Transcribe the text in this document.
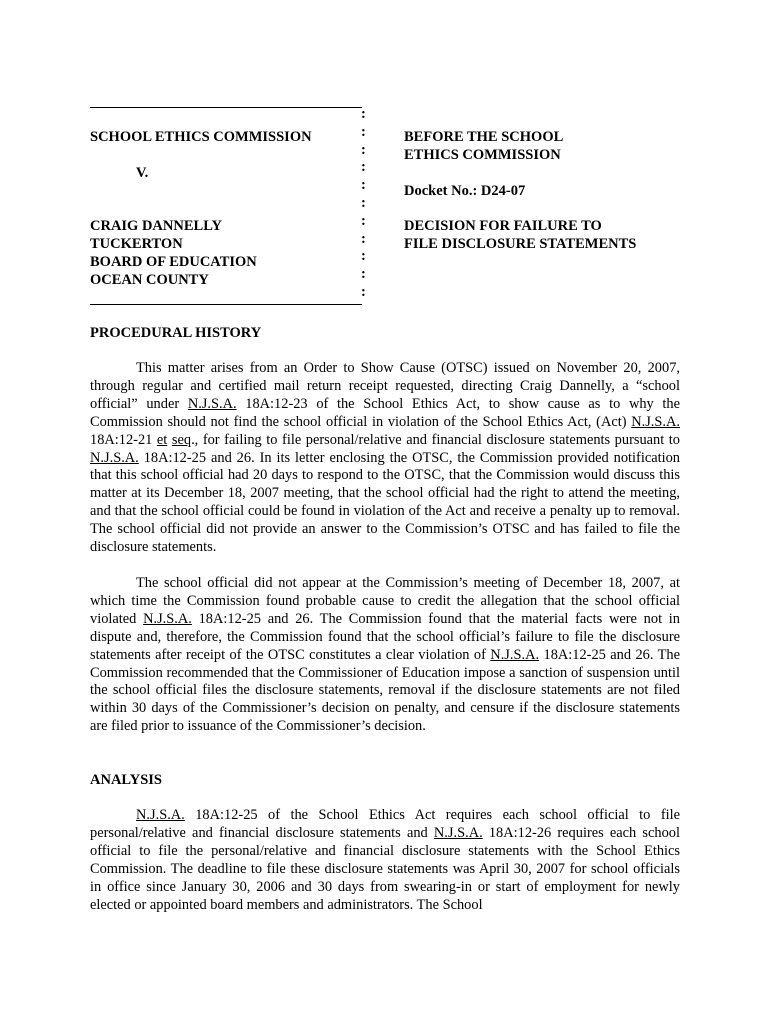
:
:
:
:
:
:
:
:
:
:
:
SCHOOL ETHICS COMMISSION
V.
CRAIG DANNELLY
TUCKERTON
BOARD OF EDUCATION
OCEAN COUNTY
BEFORE THE SCHOOL
ETHICS COMMISSION
Docket No.: D24-07
DECISION FOR FAILURE TO
FILE DISCLOSURE STATEMENTS
PROCEDURAL HISTORY

This matter arises from an Order to Show Cause (OTSC) issued on November 20, 2007, through regular and certified mail return receipt requested, directing Craig Dannelly, a “school official” under N.J.S.A. 18A:12-23 of the School Ethics Act, to show cause as to why the Commission should not find the school official in violation of the School Ethics Act, (Act) N.J.S.A. 18A:12-21 et seq., for failing to file personal/relative and financial disclosure statements pursuant to N.J.S.A. 18A:12-25 and 26. In its letter enclosing the OTSC, the Commission provided notification that this school official had 20 days to respond to the OTSC, that the Commission would discuss this matter at its December 18, 2007 meeting, that the school official had the right to attend the meeting, and that the school official could be found in violation of the Act and receive a penalty up to removal. The school official did not provide an answer to the Commission’s OTSC and has failed to file the disclosure statements.

The school official did not appear at the Commission’s meeting of December 18, 2007, at which time the Commission found probable cause to credit the allegation that the school official violated N.J.S.A. 18A:12-25 and 26. The Commission found that the material facts were not in dispute and, therefore, the Commission found that the school official’s failure to file the disclosure statements after receipt of the OTSC constitutes a clear violation of N.J.S.A. 18A:12-25 and 26. The Commission recommended that the Commissioner of Education impose a sanction of suspension until the school official files the disclosure statements, removal if the disclosure statements are not filed within 30 days of the Commissioner’s decision on penalty, and censure if the disclosure statements are filed prior to issuance of the Commissioner’s decision.

ANALYSIS

N.J.S.A. 18A:12-25 of the School Ethics Act requires each school official to file personal/relative and financial disclosure statements and N.J.S.A. 18A:12-26 requires each school official to file the personal/relative and financial disclosure statements with the School Ethics Commission. The deadline to file these disclosure statements was April 30, 2007 for school officials in office since January 30, 2006 and 30 days from swearing-in or start of employment for newly elected or appointed board members and administrators. The School
